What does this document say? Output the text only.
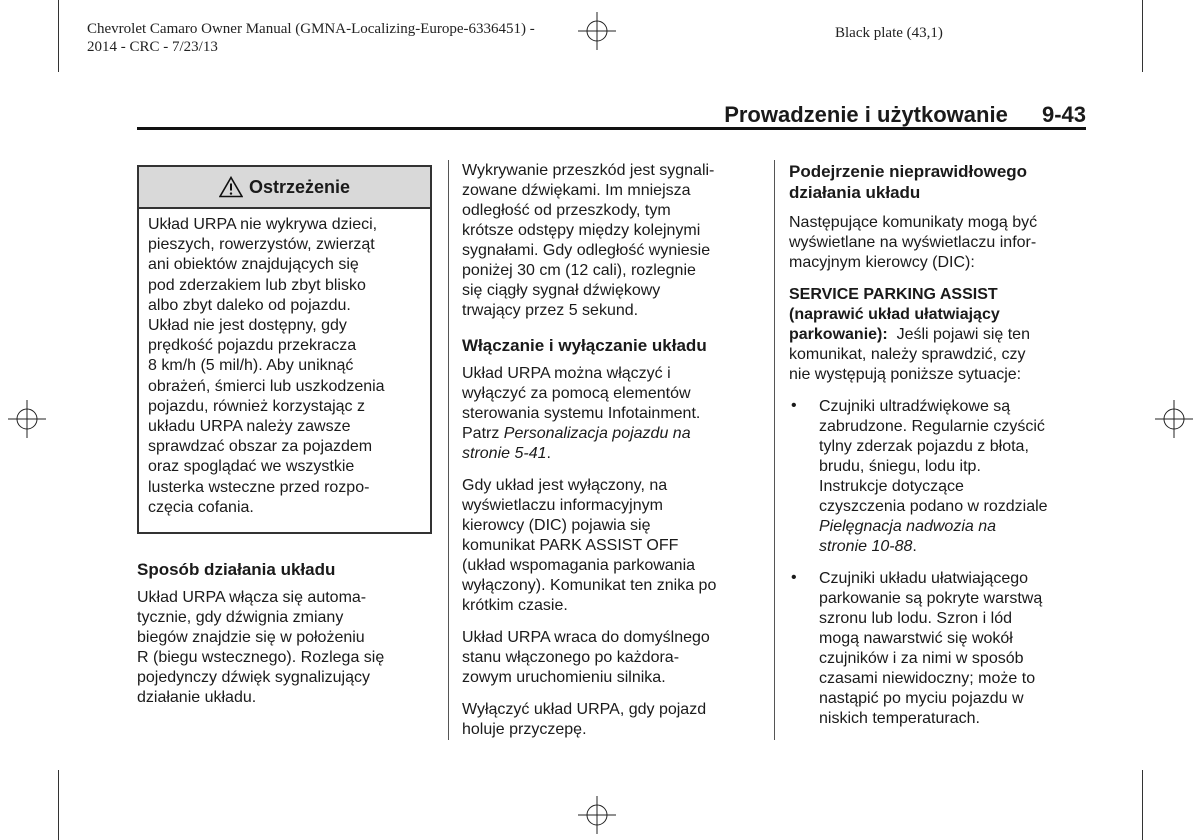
Chevrolet Camaro Owner Manual (GMNA-Localizing-Europe-6336451) -
2014 - CRC - 7/23/13
Black plate (43,1)
Prowadzenie i użytkowanie 9-43
Ostrzeżenie
Układ URPA nie wykrywa dzieci,
pieszych, rowerzystów, zwierząt
ani obiektów znajdujących się
pod zderzakiem lub zbyt blisko
albo zbyt daleko od pojazdu.
Układ nie jest dostępny, gdy
prędkość pojazdu przekracza
8 km/h (5 mil/h). Aby uniknąć
obrażeń, śmierci lub uszkodzenia
pojazdu, również korzystając z
układu URPA należy zawsze
sprawdzać obszar za pojazdem
oraz spoglądać we wszystkie
lusterka wsteczne przed rozpo-
częcia cofania.
Sposób działania układu

Układ URPA włącza się automa-
tycznie, gdy dźwignia zmiany
biegów znajdzie się w położeniu
R (biegu wstecznego). Rozlega się
pojedynczy dźwięk sygnalizujący
działanie układu.

Wykrywanie przeszkód jest sygnali-
zowane dźwiękami. Im mniejsza
odległość od przeszkody, tym
krótsze odstępy między kolejnymi
sygnałami. Gdy odległość wyniesie
poniżej 30 cm (12 cali), rozlegnie
się ciągły sygnał dźwiękowy
trwający przez 5 sekund.

Włączanie i wyłączanie układu

Układ URPA można włączyć i
wyłączyć za pomocą elementów
sterowania systemu Infotainment.
Patrz Personalizacja pojazdu na
stronie 5-41.

Gdy układ jest wyłączony, na
wyświetlaczu informacyjnym
kierowcy (DIC) pojawia się
komunikat PARK ASSIST OFF
(układ wspomagania parkowania
wyłączony). Komunikat ten znika po
krótkim czasie.

Układ URPA wraca do domyślnego
stanu włączonego po każdora-
zowym uruchomieniu silnika.

Wyłączyć układ URPA, gdy pojazd
holuje przyczepę.

Podejrzenie nieprawidłowego
działania układu

Następujące komunikaty mogą być
wyświetlane na wyświetlaczu infor-
macyjnym kierowcy (DIC):

SERVICE PARKING ASSIST
(naprawić układ ułatwiający
parkowanie):  Jeśli pojawi się ten
komunikat, należy sprawdzić, czy
nie występują poniższe sytuacje:

• Czujniki ultradźwiękowe są
zabrudzone. Regularnie czyścić
tylny zderzak pojazdu z błota,
brudu, śniegu, lodu itp.
Instrukcje dotyczące
czyszczenia podano w rozdziale
Pielęgnacja nadwozia na
stronie 10-88.
• Czujniki układu ułatwiającego
parkowanie są pokryte warstwą
szronu lub lodu. Szron i lód
mogą nawarstwić się wokół
czujników i za nimi w sposób
czasami niewidoczny; może to
nastąpić po myciu pojazdu w
niskich temperaturach.
